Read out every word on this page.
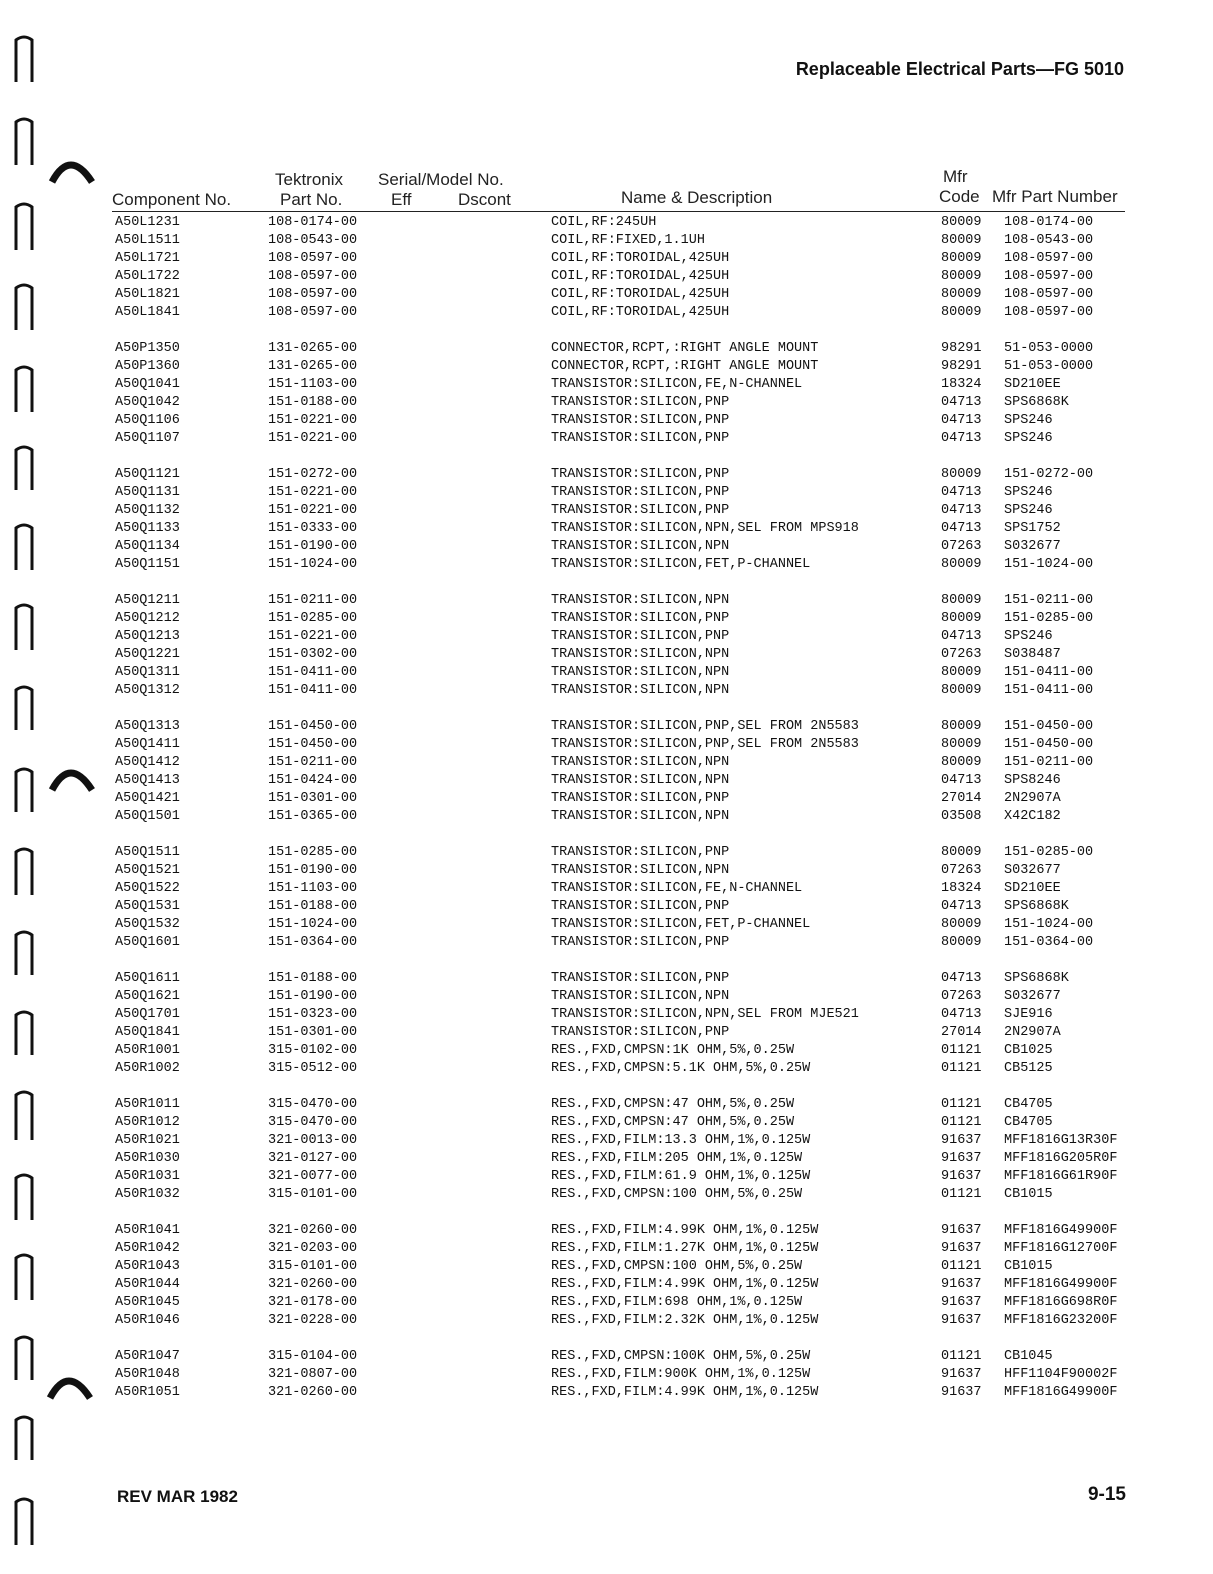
Replaceable Electrical Parts—FG 5010
Component No.
Tektronix
Part No.
Serial/Model No.
Eff	Dscont	Name & Description
Mfr
Code Mfr Part Number
A50L1231	108-0174-00	COIL,RF:245UH	80009 108-0174-00
A50L1511	108-0543-00	COIL,RF:FIXED,1.1UH	80009 108-0543-00
A50L1721	108-0597-00	COIL,RF:TOROIDAL,425UH	80009 108-0597-00
A50L1722	108-0597-00	COIL,RF:TOROIDAL,425UH	80009 108-0597-00
A50L1821	108-0597-00	COIL,RF:TOROIDAL,425UH	80009 108-0597-00
A50L1841	108-0597-00	COIL,RF:TOROIDAL,425UH	80009 108-0597-00
A50P1350	131-0265-00	CONNECTOR,RCPT,:RIGHT ANGLE MOUNT	98291 51-053-0000
A50P1360	131-0265-00	CONNECTOR,RCPT,:RIGHT ANGLE MOUNT	98291 51-053-0000
A50Q1041	151-1103-00	TRANSISTOR:SILICON,FE,N-CHANNEL	18324 SD210EE
A50Q1042	151-0188-00	TRANSISTOR:SILICON,PNP	04713 SPS6868K
A50Q1106	151-0221-00	TRANSISTOR:SILICON,PNP	04713 SPS246
A50Q1107	151-0221-00	TRANSISTOR:SILICON,PNP	04713 SPS246
A50Q1121	151-0272-00	TRANSISTOR:SILICON,PNP	80009 151-0272-00
A50Q1131	151-0221-00	TRANSISTOR:SILICON,PNP	04713 SPS246
A50Q1132	151-0221-00	TRANSISTOR:SILICON,PNP	04713 SPS246
A50Q1133	151-0333-00	TRANSISTOR:SILICON,NPN,SEL FROM MPS918	04713 SPS1752
A50Q1134	151-0190-00	TRANSISTOR:SILICON,NPN	07263 S032677
A50Q1151	151-1024-00	TRANSISTOR:SILICON,FET,P-CHANNEL	80009 151-1024-00
A50Q1211	151-0211-00	TRANSISTOR:SILICON,NPN	80009 151-0211-00
A50Q1212	151-0285-00	TRANSISTOR:SILICON,PNP	80009 151-0285-00
A50Q1213	151-0221-00	TRANSISTOR:SILICON,PNP	04713 SPS246
A50Q1221	151-0302-00	TRANSISTOR:SILICON,NPN	07263 S038487
A50Q1311	151-0411-00	TRANSISTOR:SILICON,NPN	80009 151-0411-00
A50Q1312	151-0411-00	TRANSISTOR:SILICON,NPN	80009 151-0411-00
A50Q1313	151-0450-00	TRANSISTOR:SILICON,PNP,SEL FROM 2N5583	80009 151-0450-00
A50Q1411	151-0450-00	TRANSISTOR:SILICON,PNP,SEL FROM 2N5583	80009 151-0450-00
A50Q1412	151-0211-00	TRANSISTOR:SILICON,NPN	80009 151-0211-00
A50Q1413	151-0424-00	TRANSISTOR:SILICON,NPN	04713 SPS8246
A50Q1421	151-0301-00	TRANSISTOR:SILICON,PNP	27014 2N2907A
A50Q1501	151-0365-00	TRANSISTOR:SILICON,NPN	03508 X42C182
A50Q1511	151-0285-00	TRANSISTOR:SILICON,PNP	80009 151-0285-00
A50Q1521	151-0190-00	TRANSISTOR:SILICON,NPN	07263 S032677
A50Q1522	151-1103-00	TRANSISTOR:SILICON,FE,N-CHANNEL	18324 SD210EE
A50Q1531	151-0188-00	TRANSISTOR:SILICON,PNP	04713 SPS6868K
A50Q1532	151-1024-00	TRANSISTOR:SILICON,FET,P-CHANNEL	80009 151-1024-00
A50Q1601	151-0364-00	TRANSISTOR:SILICON,PNP	80009 151-0364-00
A50Q1611	151-0188-00	TRANSISTOR:SILICON,PNP	04713 SPS6868K
A50Q1621	151-0190-00	TRANSISTOR:SILICON,NPN	07263 S032677
A50Q1701	151-0323-00	TRANSISTOR:SILICON,NPN,SEL FROM MJE521	04713 SJE916
A50Q1841	151-0301-00	TRANSISTOR:SILICON,PNP	27014 2N2907A
A50R1001	315-0102-00	RES.,FXD,CMPSN:1K OHM,5%,0.25W	01121 CB1025
A50R1002	315-0512-00	RES.,FXD,CMPSN:5.1K OHM,5%,0.25W	01121 CB5125
A50R1011	315-0470-00	RES.,FXD,CMPSN:47 OHM,5%,0.25W	01121 CB4705
A50R1012	315-0470-00	RES.,FXD,CMPSN:47 OHM,5%,0.25W	01121 CB4705
A50R1021	321-0013-00	RES.,FXD,FILM:13.3 OHM,1%,0.125W	91637 MFF1816G13R30F
A50R1030	321-0127-00	RES.,FXD,FILM:205 OHM,1%,0.125W	91637 MFF1816G205R0F
A50R1031	321-0077-00	RES.,FXD,FILM:61.9 OHM,1%,0.125W	91637 MFF1816G61R90F
A50R1032	315-0101-00	RES.,FXD,CMPSN:100 OHM,5%,0.25W	01121 CB1015
A50R1041	321-0260-00	RES.,FXD,FILM:4.99K OHM,1%,0.125W	91637 MFF1816G49900F
A50R1042	321-0203-00	RES.,FXD,FILM:1.27K OHM,1%,0.125W	91637 MFF1816G12700F
A50R1043	315-0101-00	RES.,FXD,CMPSN:100 OHM,5%,0.25W	01121 CB1015
A50R1044	321-0260-00	RES.,FXD,FILM:4.99K OHM,1%,0.125W	91637 MFF1816G49900F
A50R1045	321-0178-00	RES.,FXD,FILM:698 OHM,1%,0.125W	91637 MFF1816G698R0F
A50R1046	321-0228-00	RES.,FXD,FILM:2.32K OHM,1%,0.125W	91637 MFF1816G23200F
A50R1047	315-0104-00	RES.,FXD,CMPSN:100K OHM,5%,0.25W	01121 CB1045
A50R1048	321-0807-00	RES.,FXD,FILM:900K OHM,1%,0.125W	91637 HFF1104F90002F
A50R1051	321-0260-00	RES.,FXD,FILM:4.99K OHM,1%,0.125W	91637 MFF1816G49900F
REV MAR 1982	9-15
